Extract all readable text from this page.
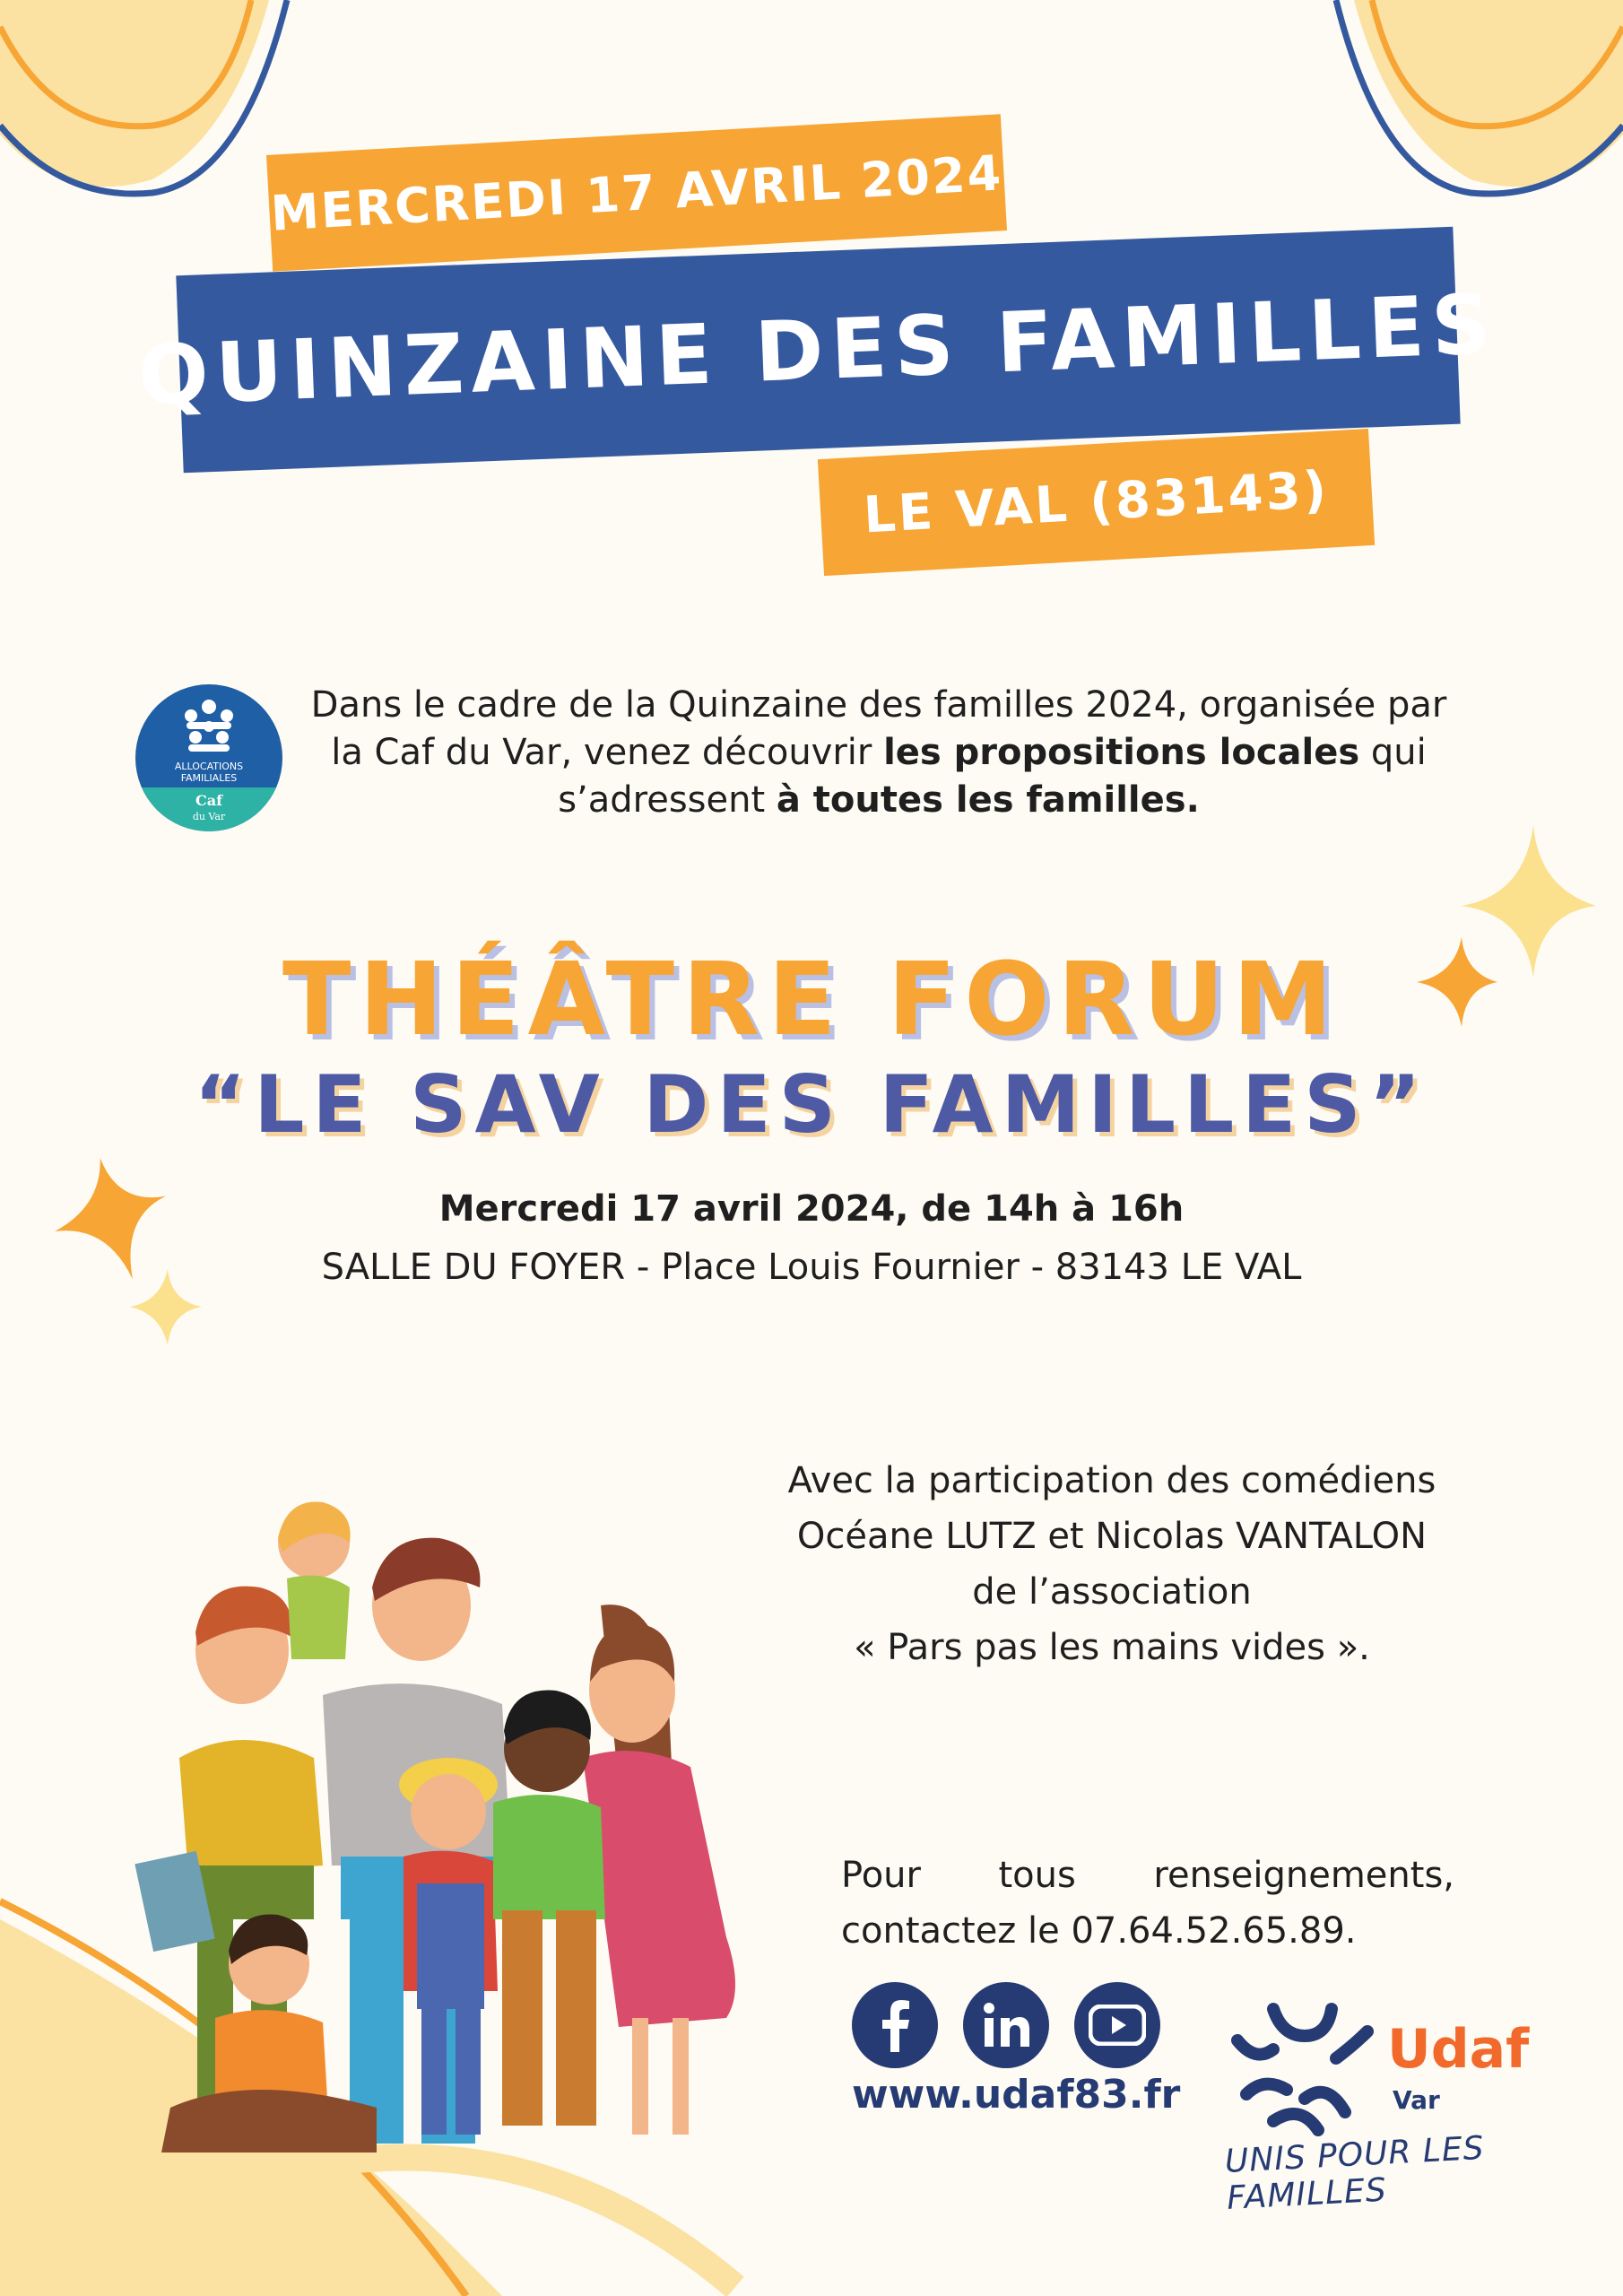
MERCREDI 17 AVRIL 2024
QUINZAINE DES FAMILLES
LE VAL (83143)
ALLOCATIONS
FAMILIALES
Caf
du Var
Dans le cadre de la Quinzaine des familles 2024, organisée par la Caf du Var, venez découvrir les propositions locales qui s’adressent à toutes les familles.
THÉÂTRE FORUM
“LE SAV DES FAMILLES”
Mercredi 17 avril 2024, de 14h à 16h
SALLE DU FOYER - Place Louis Fournier - 83143 LE VAL
Avec la participation des comédiens
Océane LUTZ et Nicolas VANTALON
de l’association
« Pars pas les mains vides ».
Pour tous renseignements,
contactez le 07.64.52.65.89.
www.udaf83.fr
Udaf
Var
UNIS POUR LES FAMILLES
